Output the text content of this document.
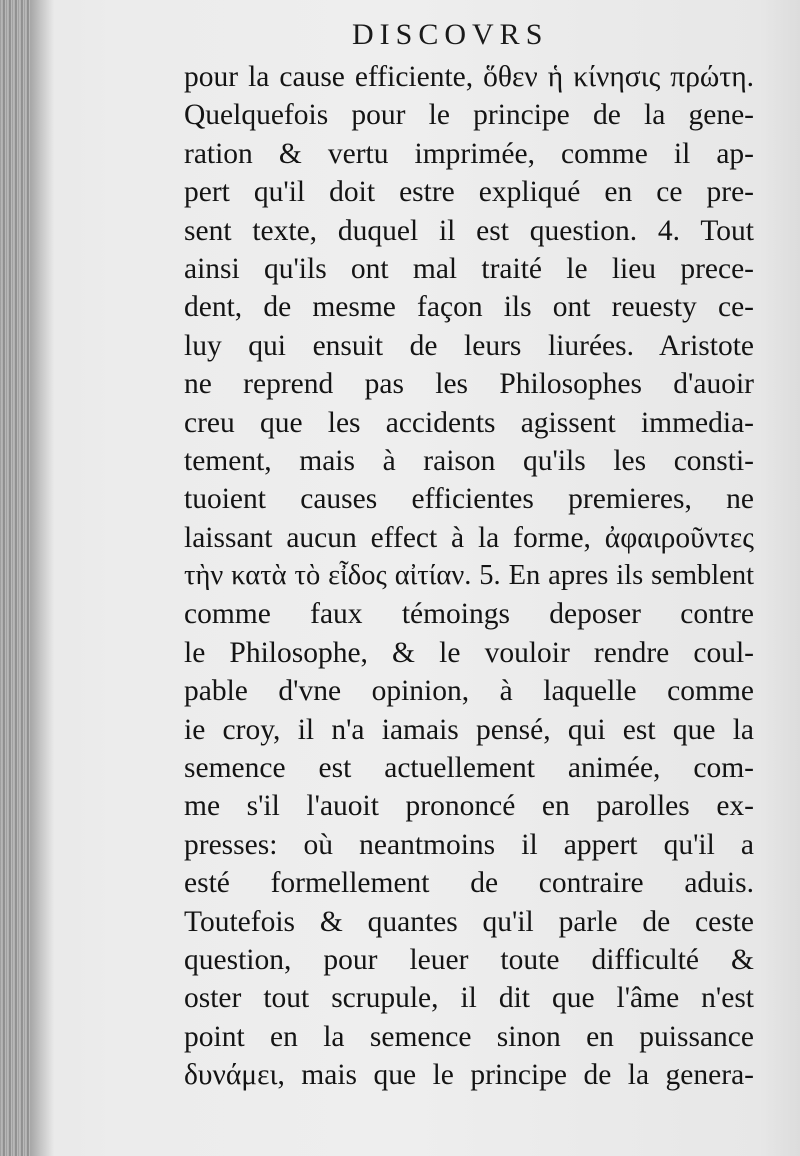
DISCOVRS
pour la cause efficiente, ὅθεν ἡ κίνησις πρώτη.
Quelquefois pour le principe de la gene-
ration & vertu imprimée, comme il ap-
pert qu'il doit estre expliqué en ce pre-
sent texte, duquel il est question. 4. Tout
ainsi qu'ils ont mal traité le lieu prece-
dent, de mesme façon ils ont reuesty ce-
luy qui ensuit de leurs liurées. Aristote
ne reprend pas les Philosophes d'auoir
creu que les accidents agissent immedia-
tement, mais à raison qu'ils les consti-
tuoient causes efficientes premieres, ne
laissant aucun effect à la forme, ἀφαιροῦντες
τὴν κατὰ τὸ εἶδος αἰτίαν. 5. En apres ils semblent
comme faux témoings deposer contre
le Philosophe, & le vouloir rendre coul-
pable d'vne opinion, à laquelle comme
ie croy, il n'a iamais pensé, qui est que la
semence est actuellement animée, com-
me s'il l'auoit prononcé en parolles ex-
presses: où neantmoins il appert qu'il a
esté formellement de contraire aduis.
Toutefois & quantes qu'il parle de ceste
question, pour leuer toute difficulté &
oster tout scrupule, il dit que l'âme n'est
point en la semence sinon en puissance
δυνάμει, mais que le principe de la genera-
